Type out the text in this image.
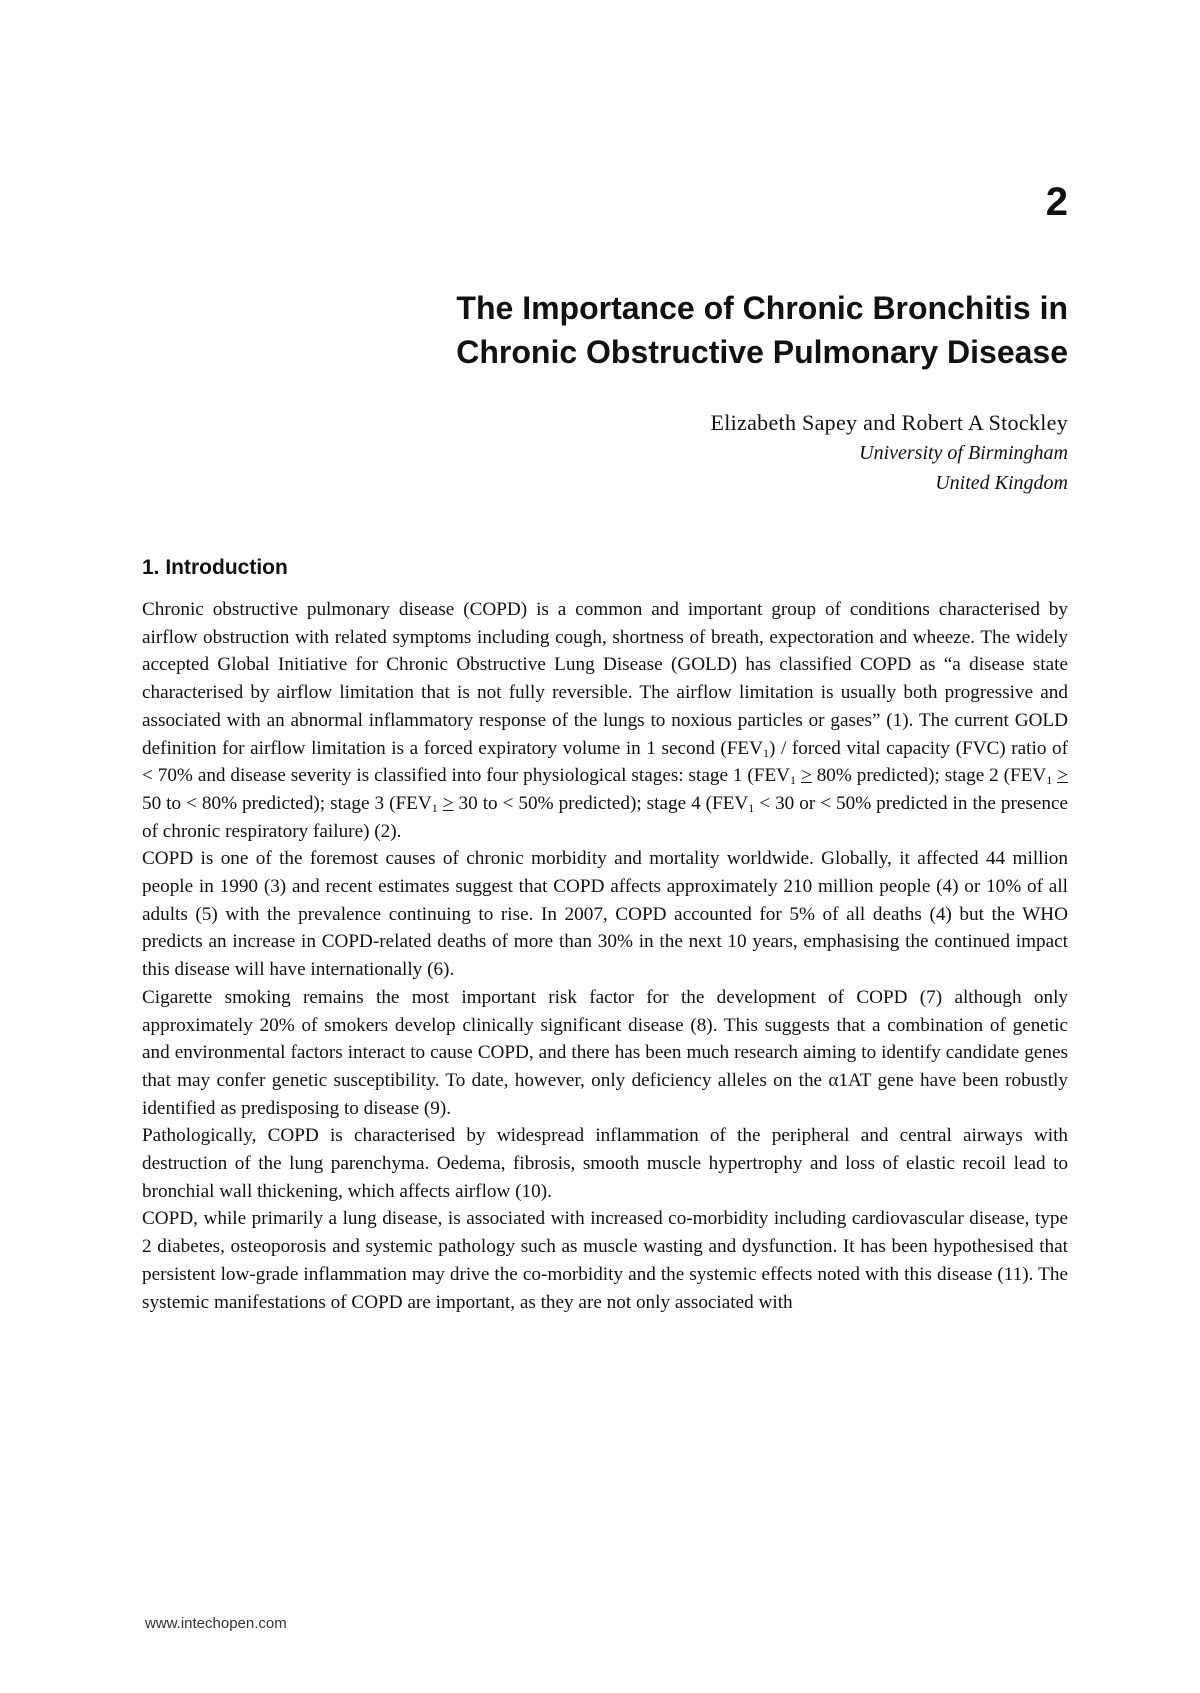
2
The Importance of Chronic Bronchitis in
Chronic Obstructive Pulmonary Disease
Elizabeth Sapey and Robert A Stockley
University of Birmingham
United Kingdom
1. Introduction

Chronic obstructive pulmonary disease (COPD) is a common and important group of conditions characterised by airflow obstruction with related symptoms including cough, shortness of breath, expectoration and wheeze. The widely accepted Global Initiative for Chronic Obstructive Lung Disease (GOLD) has classified COPD as “a disease state characterised by airflow limitation that is not fully reversible. The airflow limitation is usually both progressive and associated with an abnormal inflammatory response of the lungs to noxious particles or gases” (1). The current GOLD definition for airflow limitation is a forced expiratory volume in 1 second $(FEV_1)$ / forced vital capacity (FVC) ratio of < 70% and disease severity is classified into four physiological stages: stage 1 ($FEV_1 > 80\%$ predicted); stage 2 ($FEV_1 > 50$ to < 80% predicted); stage 3 ($FEV_1 > 30$ to < 50% predicted); stage 4 ($FEV_1 < 30$ or < 50% predicted in the presence of chronic respiratory failure) (2).

COPD is one of the foremost causes of chronic morbidity and mortality worldwide. Globally, it affected 44 million people in 1990 (3) and recent estimates suggest that COPD affects approximately 210 million people (4) or 10% of all adults (5) with the prevalence continuing to rise. In 2007, COPD accounted for 5% of all deaths (4) but the WHO predicts an increase in COPD-related deaths of more than 30% in the next 10 years, emphasising the continued impact this disease will have internationally (6).

Cigarette smoking remains the most important risk factor for the development of COPD (7) although only approximately 20% of smokers develop clinically significant disease (8). This suggests that a combination of genetic and environmental factors interact to cause COPD, and there has been much research aiming to identify candidate genes that may confer genetic susceptibility. To date, however, only deficiency alleles on the α1AT gene have been robustly identified as predisposing to disease (9).

Pathologically, COPD is characterised by widespread inflammation of the peripheral and central airways with destruction of the lung parenchyma. Oedema, fibrosis, smooth muscle hypertrophy and loss of elastic recoil lead to bronchial wall thickening, which affects airflow (10).

COPD, while primarily a lung disease, is associated with increased co-morbidity including cardiovascular disease, type 2 diabetes, osteoporosis and systemic pathology such as muscle wasting and dysfunction. It has been hypothesised that persistent low-grade inflammation may drive the co-morbidity and the systemic effects noted with this disease (11). The systemic manifestations of COPD are important, as they are not only associated with

www.intechopen.com
